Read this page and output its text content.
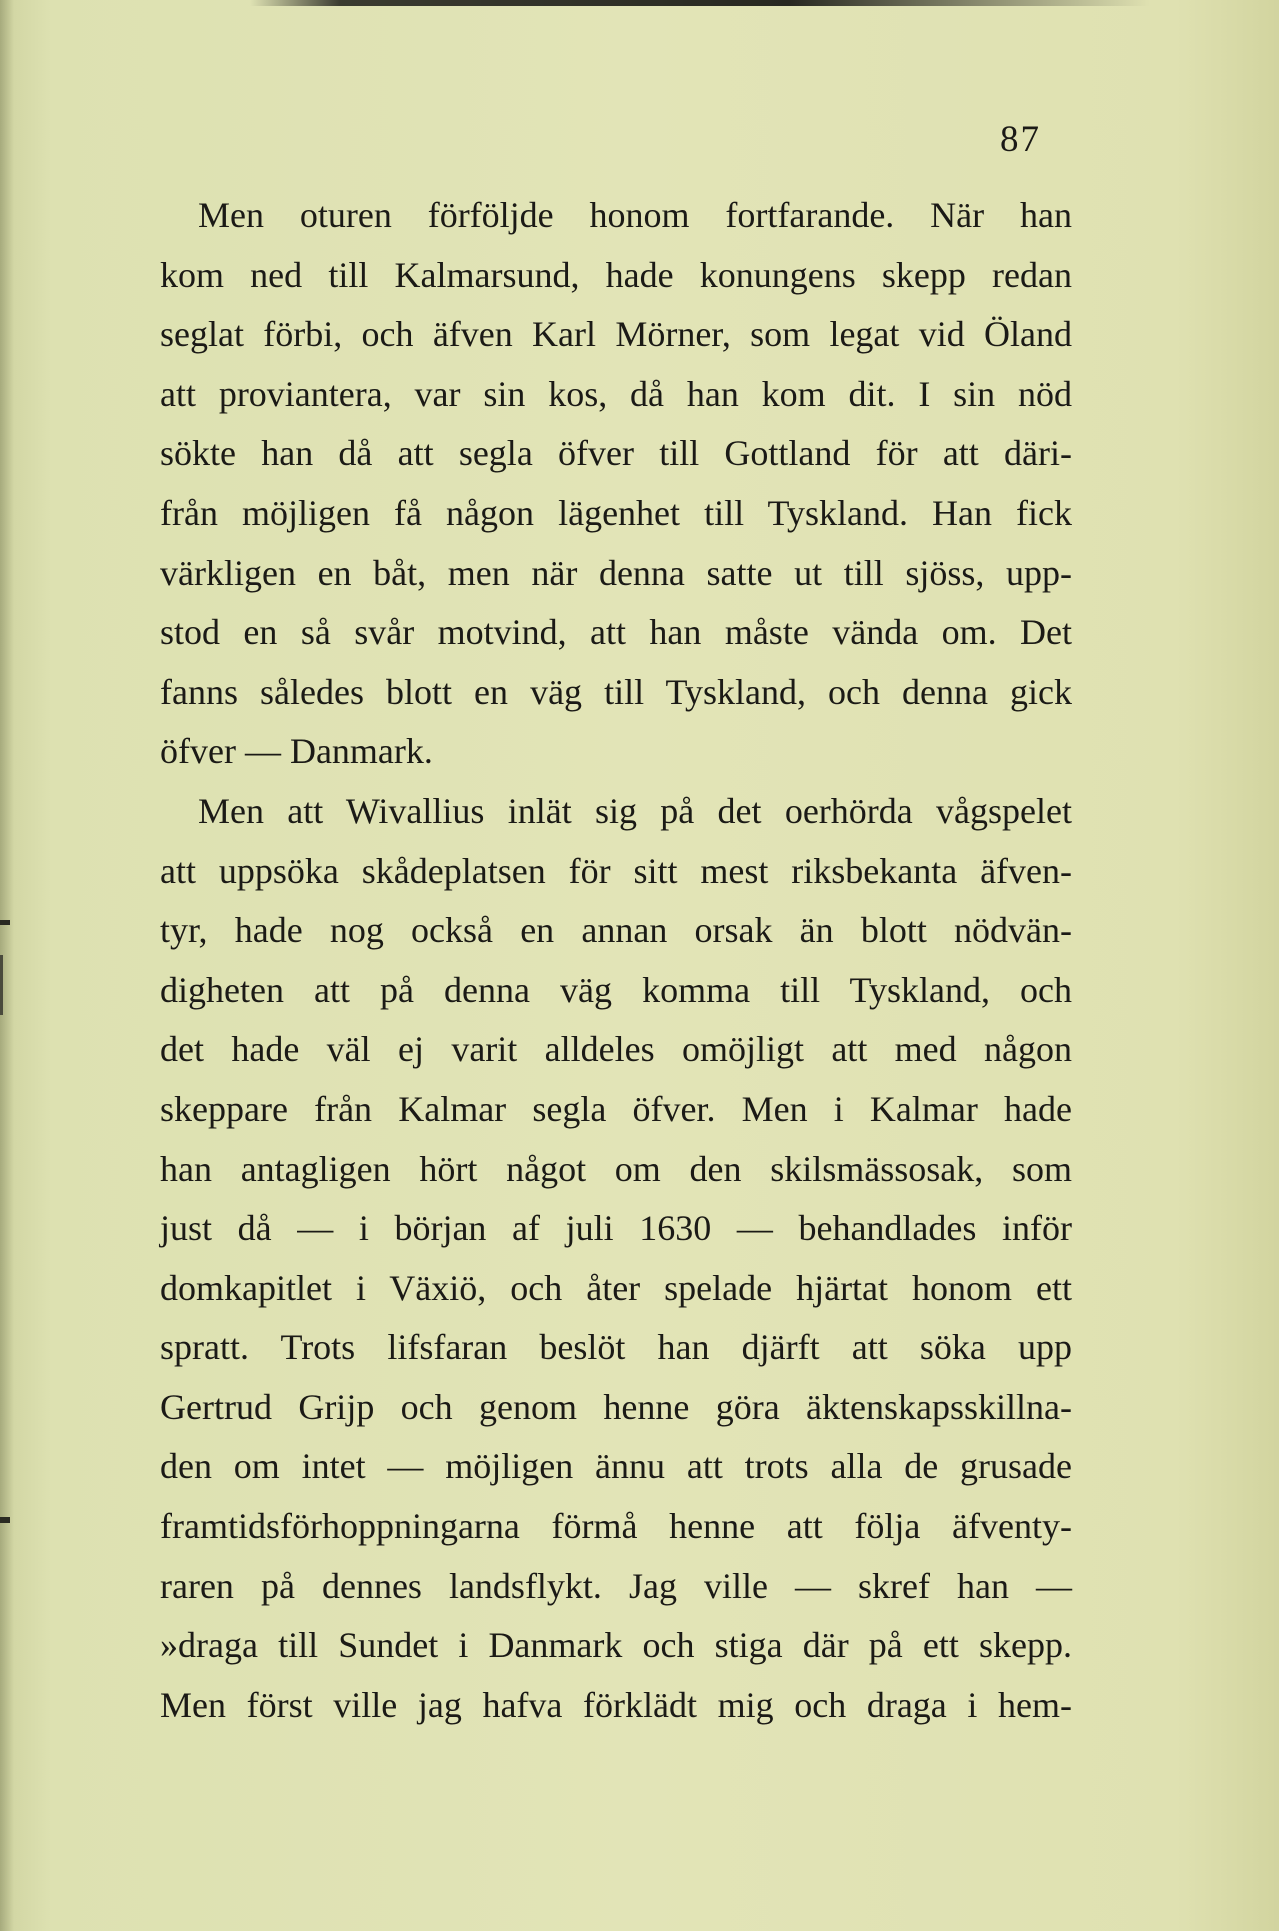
87
Men oturen förföljde honom fortfarande. När han
kom ned till Kalmarsund, hade konungens skepp redan
seglat förbi, och äfven Karl Mörner, som legat vid Öland
att proviantera, var sin kos, då han kom dit. I sin nöd
sökte han då att segla öfver till Gottland för att däri-
från möjligen få någon lägenhet till Tyskland. Han fick
värkligen en båt, men när denna satte ut till sjöss, upp-
stod en så svår motvind, att han måste vända om. Det
fanns således blott en väg till Tyskland, och denna gick
öfver — Danmark.
Men att Wivallius inlät sig på det oerhörda vågspelet
att uppsöka skådeplatsen för sitt mest riksbekanta äfven-
tyr, hade nog också en annan orsak än blott nödvän-
digheten att på denna väg komma till Tyskland, och
det hade väl ej varit alldeles omöjligt att med någon
skeppare från Kalmar segla öfver. Men i Kalmar hade
han antagligen hört något om den skilsmässosak, som
just då — i början af juli 1630 — behandlades inför
domkapitlet i Växiö, och åter spelade hjärtat honom ett
spratt. Trots lifsfaran beslöt han djärft att söka upp
Gertrud Grijp och genom henne göra äktenskapsskillna-
den om intet — möjligen ännu att trots alla de grusade
framtidsförhoppningarna förmå henne att följa äfventy-
raren på dennes landsflykt. Jag ville — skref han —
»draga till Sundet i Danmark och stiga där på ett skepp.
Men först ville jag hafva förklädt mig och draga i hem-
